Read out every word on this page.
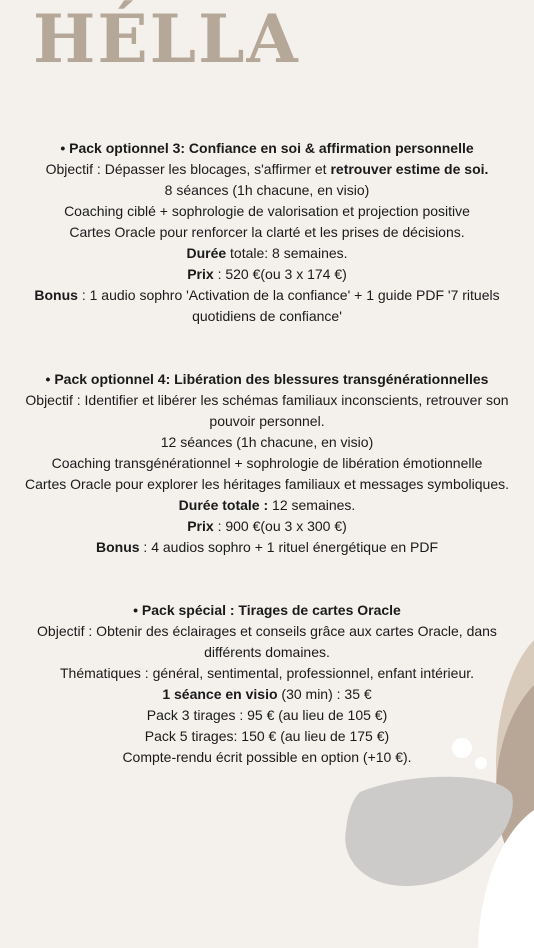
HÉLLA
• Pack optionnel 3: Confiance en soi & affirmation personnelle
Objectif : Dépasser les blocages, s'affirmer et retrouver estime de soi.
8 séances (1h chacune, en visio)
Coaching ciblé + sophrologie de valorisation et projection positive
Cartes Oracle pour renforcer la clarté et les prises de décisions.
Durée totale: 8 semaines.
Prix : 520 €(ou 3 x 174 €)
Bonus : 1 audio sophro 'Activation de la confiance' + 1 guide PDF '7 rituels quotidiens de confiance'
• Pack optionnel 4: Libération des blessures transgénérationnelles
Objectif : Identifier et libérer les schémas familiaux inconscients, retrouver son pouvoir personnel.
12 séances (1h chacune, en visio)
Coaching transgénérationnel + sophrologie de libération émotionnelle
Cartes Oracle pour explorer les héritages familiaux et messages symboliques.
Durée totale : 12 semaines.
Prix : 900 €(ou 3 x 300 €)
Bonus : 4 audios sophro + 1 rituel énergétique en PDF
• Pack spécial : Tirages de cartes Oracle
Objectif : Obtenir des éclairages et conseils grâce aux cartes Oracle, dans différents domaines.
Thématiques : général, sentimental, professionnel, enfant intérieur.
1 séance en visio (30 min) : 35 €
Pack 3 tirages : 95 € (au lieu de 105 €)
Pack 5 tirages: 150 € (au lieu de 175 €)
Compte-rendu écrit possible en option (+10 €).
